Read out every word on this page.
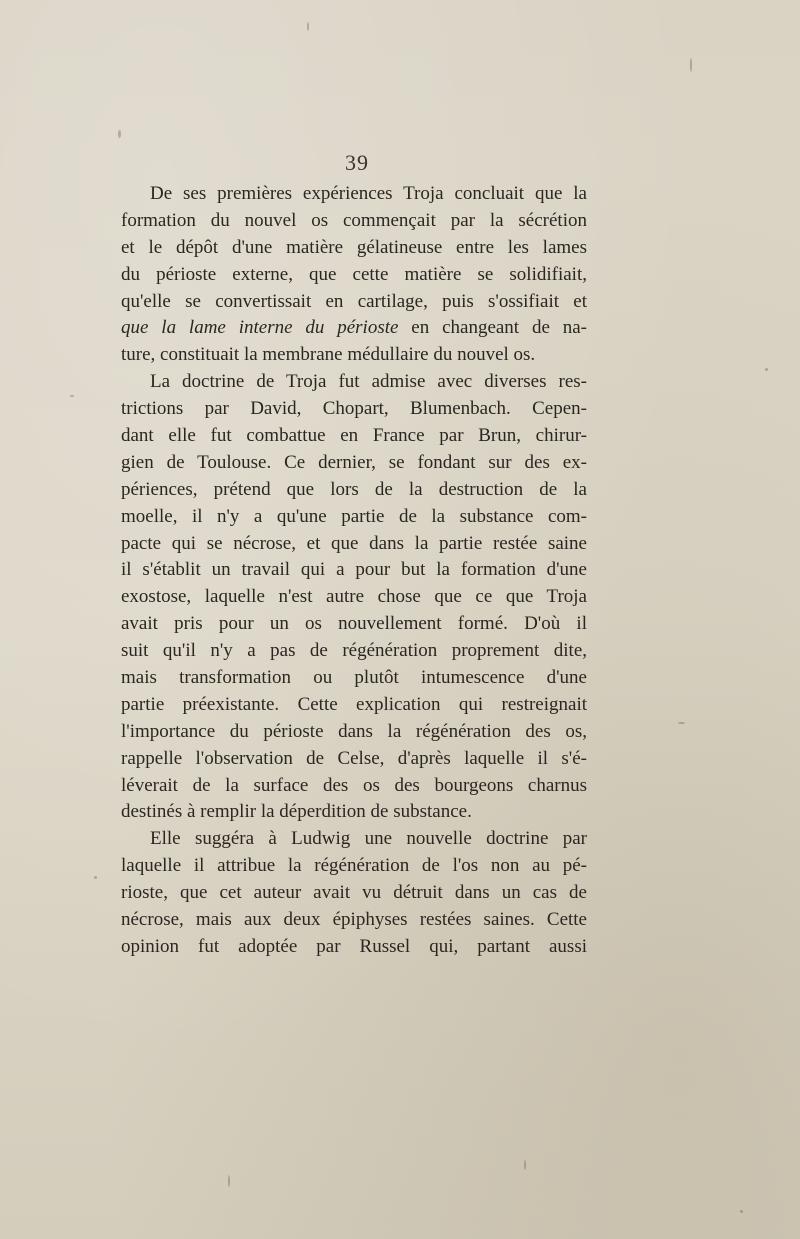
39
De ses premières expériences Troja concluait que la
formation du nouvel os commençait par la sécrétion
et le dépôt d'une matière gélatineuse entre les lames
du périoste externe, que cette matière se solidifiait,
qu'elle se convertissait en cartilage, puis s'ossifiait et
que la lame interne du périoste en changeant de na-
ture, constituait la membrane médullaire du nouvel os.
La doctrine de Troja fut admise avec diverses res-
trictions par David, Chopart, Blumenbach. Cepen-
dant elle fut combattue en France par Brun, chirur-
gien de Toulouse. Ce dernier, se fondant sur des ex-
périences, prétend que lors de la destruction de la
moelle, il n'y a qu'une partie de la substance com-
pacte qui se nécrose, et que dans la partie restée saine
il s'établit un travail qui a pour but la formation d'une
exostose, laquelle n'est autre chose que ce que Troja
avait pris pour un os nouvellement formé. D'où il
suit qu'il n'y a pas de régénération proprement dite,
mais transformation ou plutôt intumescence d'une
partie préexistante. Cette explication qui restreignait
l'importance du périoste dans la régénération des os,
rappelle l'observation de Celse, d'après laquelle il s'é-
léverait de la surface des os des bourgeons charnus
destinés à remplir la déperdition de substance.
Elle suggéra à Ludwig une nouvelle doctrine par
laquelle il attribue la régénération de l'os non au pé-
rioste, que cet auteur avait vu détruit dans un cas de
nécrose, mais aux deux épiphyses restées saines. Cette
opinion fut adoptée par Russel qui, partant aussi
